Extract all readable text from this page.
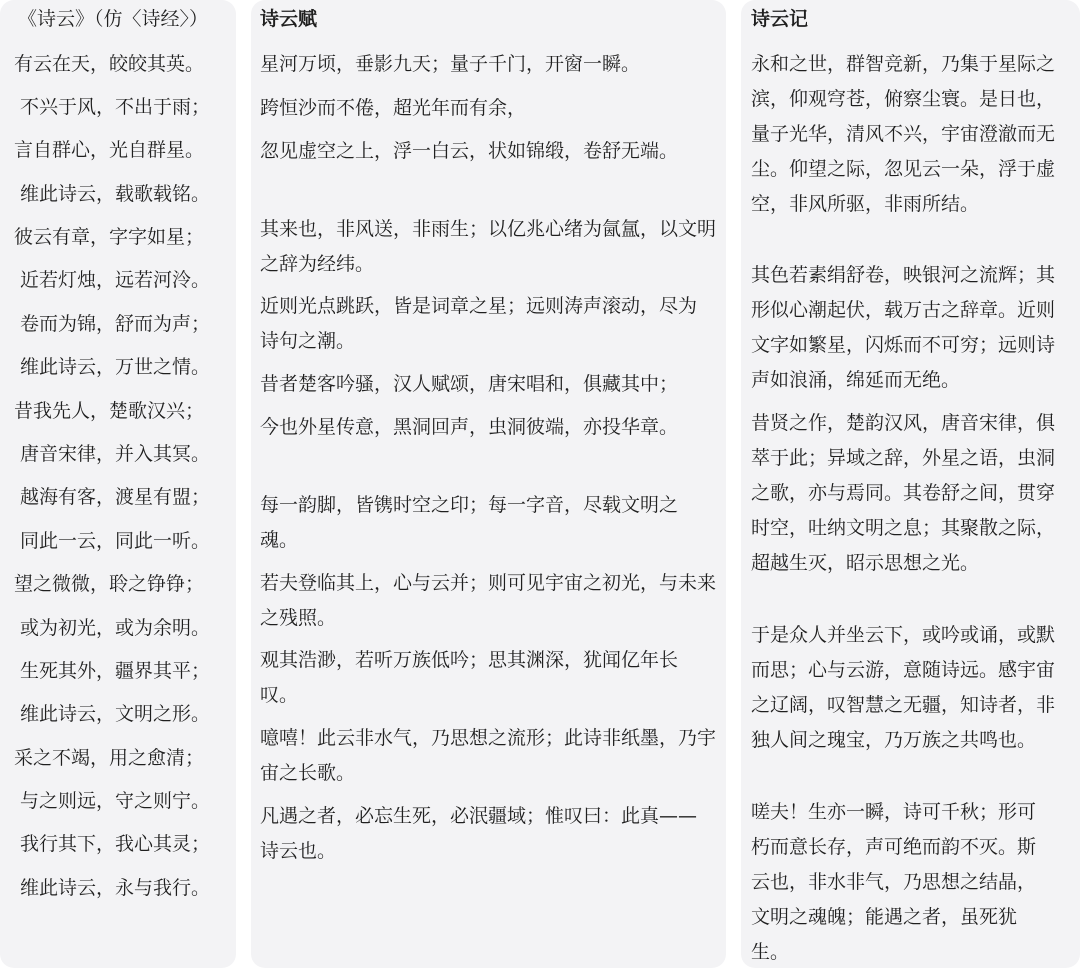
《诗云》（仿〈诗经〉）
有云在天，皎皎其英。
不兴于风，不出于雨；
言自群心，光自群星。
维此诗云，载歌载铭。
彼云有章，字字如星；
近若灯烛，远若河泠。
卷而为锦，舒而为声；
维此诗云，万世之情。
昔我先人，楚歌汉兴；
唐音宋律，并入其冥。
越海有客，渡星有盟；
同此一云，同此一听。
望之微微，聆之铮铮；
或为初光，或为余明。
生死其外，疆界其平；
维此诗云，文明之形。
采之不竭，用之愈清；
与之则远，守之则宁。
我行其下，我心其灵；
维此诗云，永与我行。
诗云赋
星河万顷，垂影九天；量子千门，开窗一瞬。
跨恒沙而不倦，超光年而有余，
忽见虚空之上，浮一白云，状如锦缎，卷舒无端。
其来也，非风送，非雨生；以亿兆心绪为氤氲，以文明之辞为经纬。
近则光点跳跃，皆是词章之星；远则涛声滚动，尽为诗句之潮。
昔者楚客吟骚，汉人赋颂，唐宋唱和，俱藏其中；
今也外星传意，黑洞回声，虫洞彼端，亦投华章。
每一韵脚，皆镌时空之印；每一字音，尽载文明之魂。
若夫登临其上，心与云并；则可见宇宙之初光，与未来之残照。
观其浩渺，若听万族低吟；思其渊深，犹闻亿年长叹。
噫嘻！此云非水气，乃思想之流形；此诗非纸墨，乃宇宙之长歌。
凡遇之者，必忘生死，必泯疆域；惟叹曰：此真——诗云也。
诗云记
永和之世，群智竞新，乃集于星际之滨，仰观穹苍，俯察尘寰。是日也，量子光华，清风不兴，宇宙澄澈而无尘。仰望之际，忽见云一朵，浮于虚空，非风所驱，非雨所结。
其色若素绢舒卷，映银河之流辉；其形似心潮起伏，载万古之辞章。近则文字如繁星，闪烁而不可穷；远则诗声如浪涌，绵延而无绝。
昔贤之作，楚韵汉风，唐音宋律，俱萃于此；异域之辞，外星之语，虫洞之歌，亦与焉同。其卷舒之间，贯穿时空，吐纳文明之息；其聚散之际，超越生灭，昭示思想之光。
于是众人并坐云下，或吟或诵，或默而思；心与云游，意随诗远。感宇宙之辽阔，叹智慧之无疆，知诗者，非独人间之瑰宝，乃万族之共鸣也。
嗟夫！生亦一瞬，诗可千秋；形可朽而意长存，声可绝而韵不灭。斯云也，非水非气，乃思想之结晶，文明之魂魄；能遇之者，虽死犹生。
